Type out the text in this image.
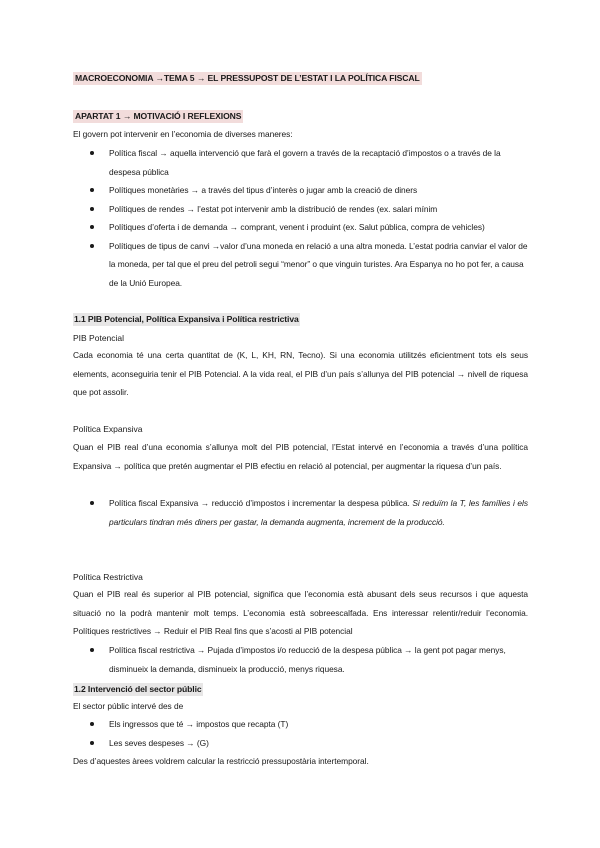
MACROECONOMIA →TEMA 5 → EL PRESSUPOST DE L’ESTAT I LA POLÍTICA FISCAL
APARTAT 1 → MOTIVACIÓ I REFLEXIONS
El govern pot intervenir en l’economia de diverses maneres:
Política fiscal → aquella intervenció que farà el govern a través de la recaptació d’impostos o a través de la despesa pública
Polítiques monetàries → a través del tipus d’interès o jugar amb la creació de diners
Polítiques de rendes → l’estat pot intervenir amb la distribució de rendes (ex. salari mínim
Polítiques d’oferta i de demanda → comprant, venent i produint (ex. Salut pública, compra de vehicles)
Polítiques de tipus de canvi →valor d’una moneda en relació a una altra moneda. L’estat podria canviar el valor de la moneda, per tal que el preu del petroli segui “menor” o que vinguin turistes. Ara Espanya no ho pot fer, a causa de la Unió Europea.
1.1 PIB Potencial, Política Expansiva i Política restrictiva
PIB Potencial
Cada economia té una certa quantitat de (K, L, KH, RN, Tecno). Si una economia utilitzés eficientment tots els seus elements, aconseguiria tenir el PIB Potencial. A la vida real, el PIB d’un país s’allunya del PIB potencial → nivell de riquesa que pot assolir.
Política Expansiva
Quan el PIB real d’una economia s’allunya molt del PIB potencial, l’Estat intervé en l’economia a través d’una política Expansiva → política que pretén augmentar el PIB efectiu en relació al potencial, per augmentar la riquesa d’un país.
Política fiscal Expansiva → reducció d’impostos i incrementar la despesa pública. Si reduïm la T, les famílies i els particulars tindran més diners per gastar, la demanda augmenta, increment de la producció.
Política Restrictiva
Quan el PIB real és superior al PIB potencial, significa que l’economia està abusant dels seus recursos i que aquesta situació no la podrà mantenir molt temps. L’economia està sobreescalfada. Ens interessar relentir/reduir l’economia. Polítiques restrictives → Reduir el PIB Real fins que s’acosti al PIB potencial
Política fiscal restrictiva → Pujada d’impostos i/o reducció de la despesa pública → la gent pot pagar menys, disminueix la demanda, disminueix la producció, menys riquesa.
1.2 Intervenció del sector públic
El sector públic intervé des de
Els ingressos que té → impostos que recapta (T)
Les seves despeses → (G)
Des d’aquestes àrees voldrem calcular la restricció pressupostària intertemporal.
